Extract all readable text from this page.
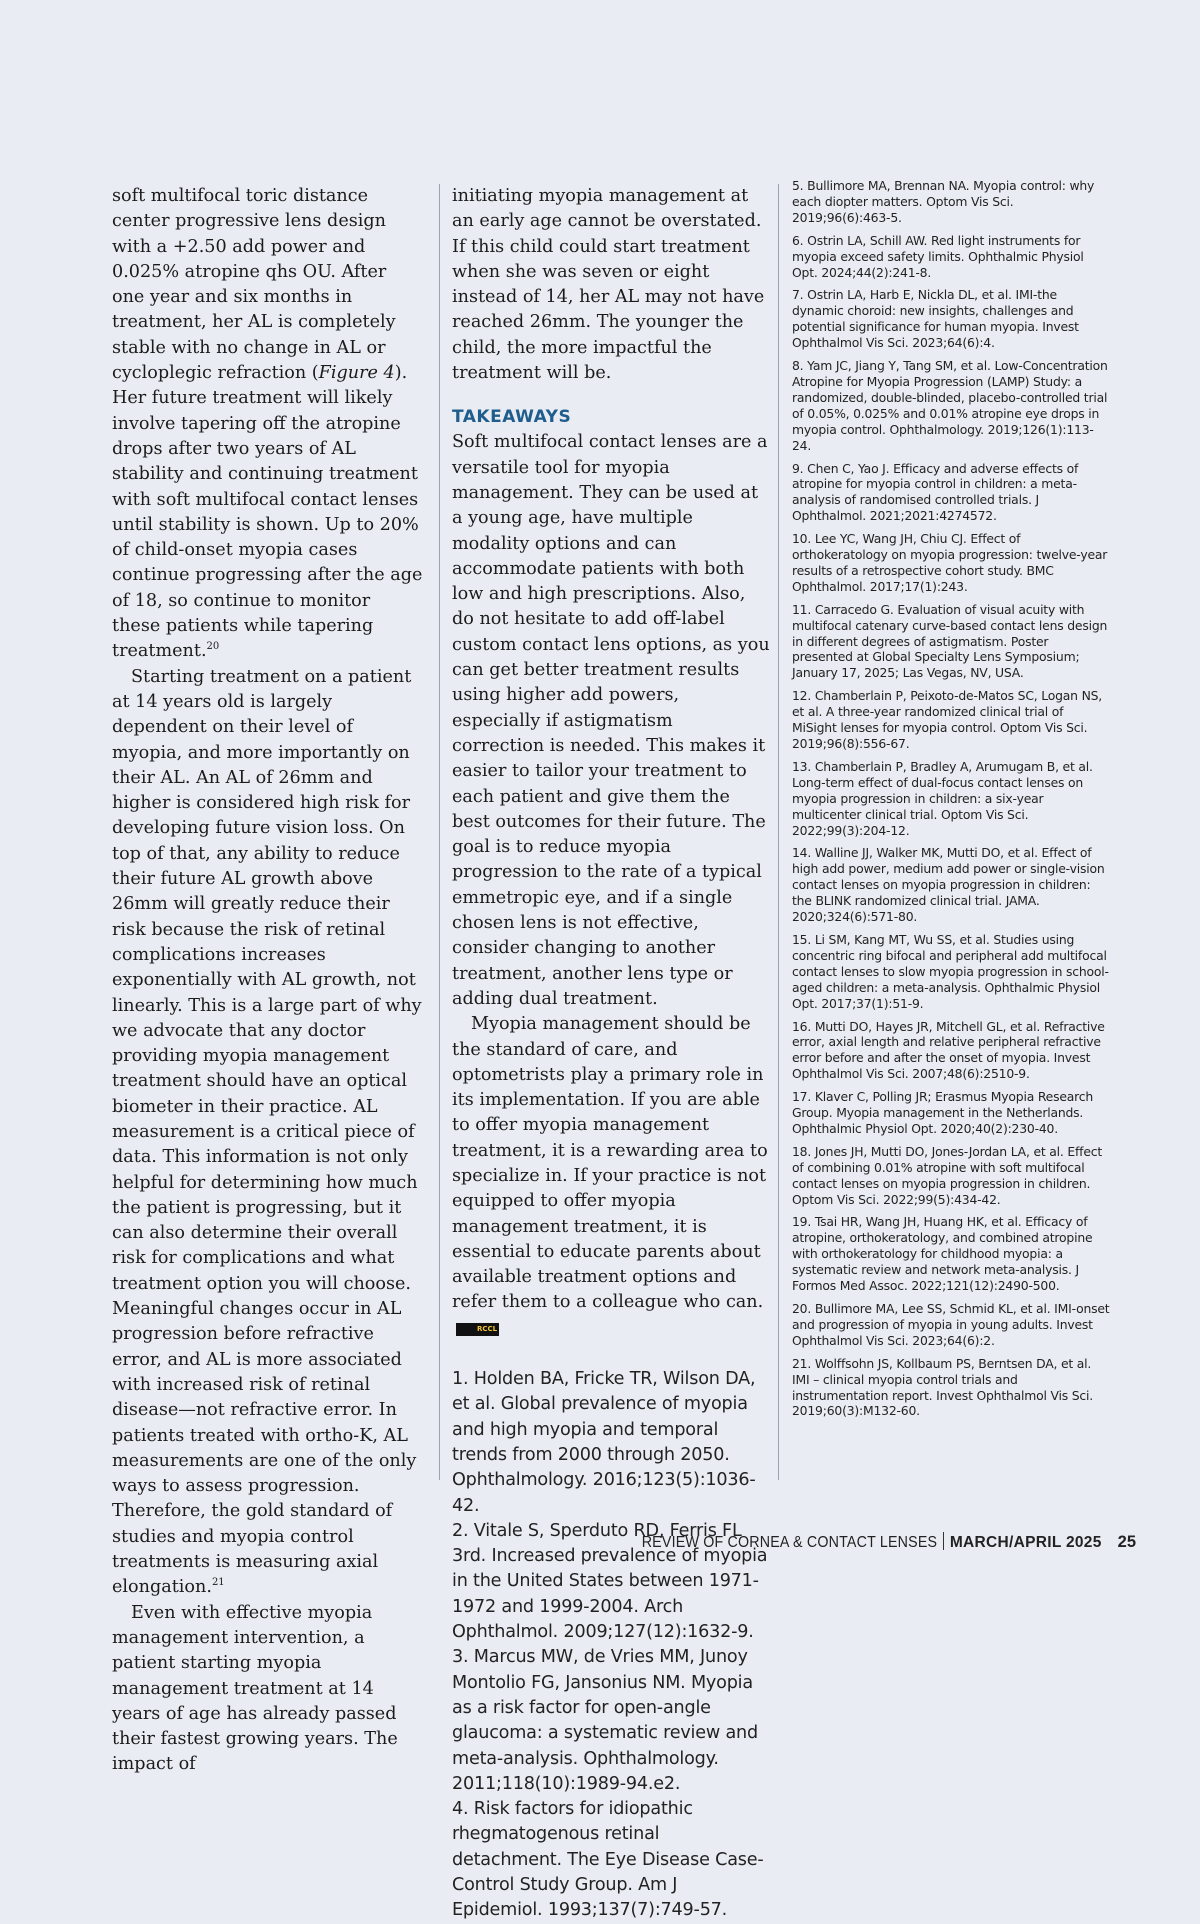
soft multifocal toric distance center progressive lens design with a +2.50 add power and 0.025% atropine qhs OU. After one year and six months in treatment, her AL is completely stable with no change in AL or cycloplegic refraction (Figure 4). Her future treatment will likely involve tapering off the atropine drops after two years of AL stability and continuing treatment with soft multifocal contact lenses until stability is shown. Up to 20% of child-onset myopia cases continue progressing after the age of 18, so continue to monitor these patients while tapering treatment.$^{20}$

Starting treatment on a patient at 14 years old is largely dependent on their level of myopia, and more importantly on their AL. An AL of 26mm and higher is considered high risk for developing future vision loss. On top of that, any ability to reduce their future AL growth above 26mm will greatly reduce their risk because the risk of retinal complications increases exponentially with AL growth, not linearly. This is a large part of why we advocate that any doctor providing myopia management treatment should have an optical biometer in their practice. AL measurement is a critical piece of data. This information is not only helpful for determining how much the patient is progressing, but it can also determine their overall risk for complications and what treatment option you will choose. Meaningful changes occur in AL progression before refractive error, and AL is more associated with increased risk of retinal disease—not refractive error. In patients treated with ortho-K, AL measurements are one of the only ways to assess progression. Therefore, the gold standard of studies and myopia control treatments is measuring axial elongation.$^{21}$

Even with effective myopia management intervention, a patient starting myopia management treatment at 14 years of age has already passed their fastest growing years. The impact of

initiating myopia management at an early age cannot be overstated. If this child could start treatment when she was seven or eight instead of 14, her AL may not have reached 26mm. The younger the child, the more impactful the treatment will be.

TAKEAWAYS

Soft multifocal contact lenses are a versatile tool for myopia management. They can be used at a young age, have multiple modality options and can accommodate patients with both low and high prescriptions. Also, do not hesitate to add off-label custom contact lens options, as you can get better treatment results using higher add powers, especially if astigmatism correction is needed. This makes it easier to tailor your treatment to each patient and give them the best outcomes for their future. The goal is to reduce myopia progression to the rate of a typical emmetropic eye, and if a single chosen lens is not effective, consider changing to another treatment, another lens type or adding dual treatment.

Myopia management should be the standard of care, and optometrists play a primary role in its implementation. If you are able to offer myopia management treatment, it is a rewarding area to specialize in. If your practice is not equipped to offer myopia management treatment, it is essential to educate parents about available treatment options and refer them to a colleague who can.RCCL

1. Holden BA, Fricke TR, Wilson DA, et al. Global prevalence of myopia and high myopia and temporal trends from 2000 through 2050. Ophthalmology. 2016;123(5):1036-42.

2. Vitale S, Sperduto RD, Ferris FL 3rd. Increased prevalence of myopia in the United States between 1971-1972 and 1999-2004. Arch Ophthalmol. 2009;127(12):1632-9.

3. Marcus MW, de Vries MM, Junoy Montolio FG, Jansonius NM. Myopia as a risk factor for open-angle glaucoma: a systematic review and meta-analysis. Ophthalmology. 2011;118(10):1989-94.e2.

4. Risk factors for idiopathic rhegmatogenous retinal detachment. The Eye Disease Case-Control Study Group. Am J Epidemiol. 1993;137(7):749-57.

5. Bullimore MA, Brennan NA. Myopia control: why each diopter matters. Optom Vis Sci. 2019;96(6):463-5.

6. Ostrin LA, Schill AW. Red light instruments for myopia exceed safety limits. Ophthalmic Physiol Opt. 2024;44(2):241-8.

7. Ostrin LA, Harb E, Nickla DL, et al. IMI-the dynamic choroid: new insights, challenges and potential significance for human myopia. Invest Ophthalmol Vis Sci. 2023;64(6):4.

8. Yam JC, Jiang Y, Tang SM, et al. Low-Concentration Atropine for Myopia Progression (LAMP) Study: a randomized, double-blinded, placebo-controlled trial of 0.05%, 0.025% and 0.01% atropine eye drops in myopia control. Ophthalmology. 2019;126(1):113-24.

9. Chen C, Yao J. Efficacy and adverse effects of atropine for myopia control in children: a meta-analysis of randomised controlled trials. J Ophthalmol. 2021;2021:4274572.

10. Lee YC, Wang JH, Chiu CJ. Effect of orthokeratology on myopia progression: twelve-year results of a retrospective cohort study. BMC Ophthalmol. 2017;17(1):243.

11. Carracedo G. Evaluation of visual acuity with multifocal catenary curve-based contact lens design in different degrees of astigmatism. Poster presented at Global Specialty Lens Symposium; January 17, 2025; Las Vegas, NV, USA.

12. Chamberlain P, Peixoto-de-Matos SC, Logan NS, et al. A three-year randomized clinical trial of MiSight lenses for myopia control. Optom Vis Sci. 2019;96(8):556-67.

13. Chamberlain P, Bradley A, Arumugam B, et al. Long-term effect of dual-focus contact lenses on myopia progression in children: a six-year multicenter clinical trial. Optom Vis Sci. 2022;99(3):204-12.

14. Walline JJ, Walker MK, Mutti DO, et al. Effect of high add power, medium add power or single-vision contact lenses on myopia progression in children: the BLINK randomized clinical trial. JAMA. 2020;324(6):571-80.

15. Li SM, Kang MT, Wu SS, et al. Studies using concentric ring bifocal and peripheral add multifocal contact lenses to slow myopia progression in school-aged children: a meta-analysis. Ophthalmic Physiol Opt. 2017;37(1):51-9.

16. Mutti DO, Hayes JR, Mitchell GL, et al. Refractive error, axial length and relative peripheral refractive error before and after the onset of myopia. Invest Ophthalmol Vis Sci. 2007;48(6):2510-9.

17. Klaver C, Polling JR; Erasmus Myopia Research Group. Myopia management in the Netherlands. Ophthalmic Physiol Opt. 2020;40(2):230-40.

18. Jones JH, Mutti DO, Jones-Jordan LA, et al. Effect of combining 0.01% atropine with soft multifocal contact lenses on myopia progression in children. Optom Vis Sci. 2022;99(5):434-42.

19. Tsai HR, Wang JH, Huang HK, et al. Efficacy of atropine, orthokeratology, and combined atropine with orthokeratology for childhood myopia: a systematic review and network meta-analysis. J Formos Med Assoc. 2022;121(12):2490-500.

20. Bullimore MA, Lee SS, Schmid KL, et al. IMI-onset and progression of myopia in young adults. Invest Ophthalmol Vis Sci. 2023;64(6):2.

21. Wolffsohn JS, Kollbaum PS, Berntsen DA, et al. IMI – clinical myopia control trials and instrumentation report. Invest Ophthalmol Vis Sci. 2019;60(3):M132-60.

REVIEW OF CORNEA & CONTACT LENSES MARCH/APRIL 2025 25
